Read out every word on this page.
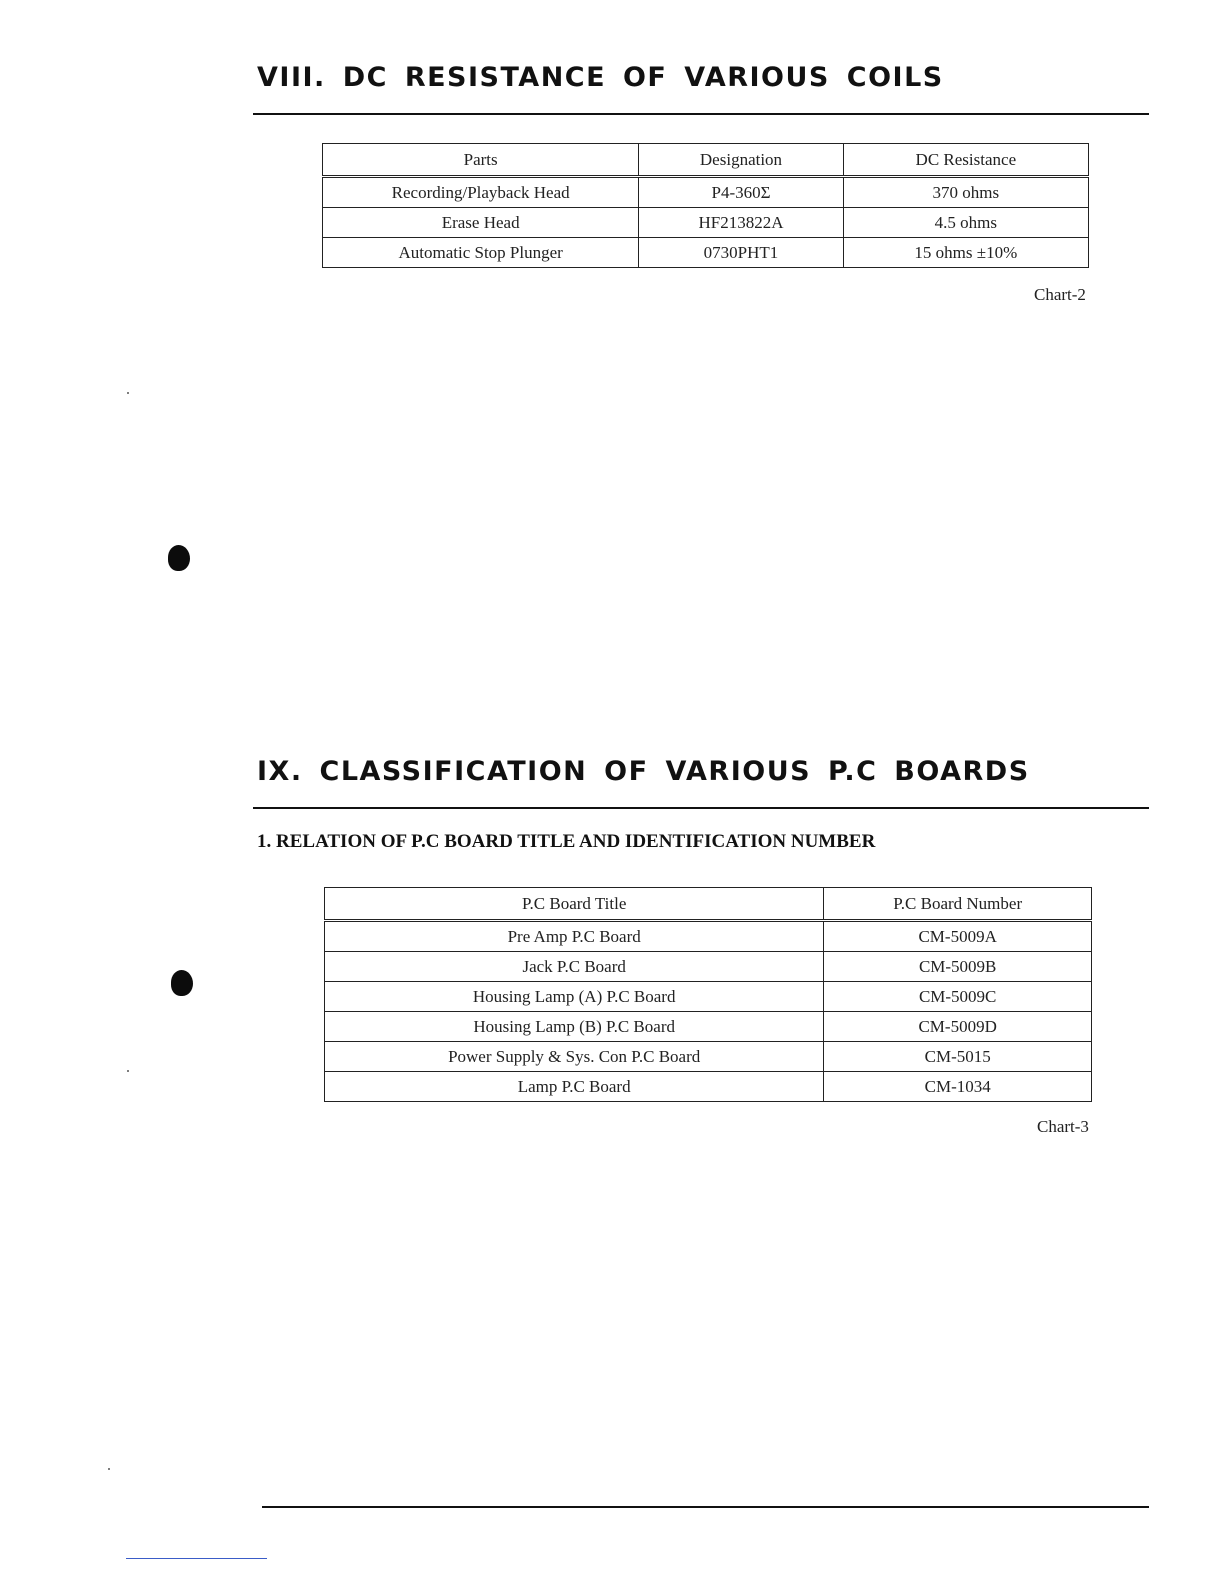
VIII. DC RESISTANCE OF VARIOUS COILS
Parts	Designation	DC Resistance
Recording/Playback Head	P4-360Σ	370 ohms
Erase Head	HF213822A	4.5 ohms
Automatic Stop Plunger	0730PHT1	15 ohms ±10%
Chart-2
IX. CLASSIFICATION OF VARIOUS P.C BOARDS
1. RELATION OF P.C BOARD TITLE AND IDENTIFICATION NUMBER
P.C Board Title	P.C Board Number
Pre Amp P.C Board	CM-5009A
Jack P.C Board	CM-5009B
Housing Lamp (A) P.C Board	CM-5009C
Housing Lamp (B) P.C Board	CM-5009D
Power Supply & Sys. Con P.C Board	CM-5015
Lamp P.C Board	CM-1034
Chart-3
